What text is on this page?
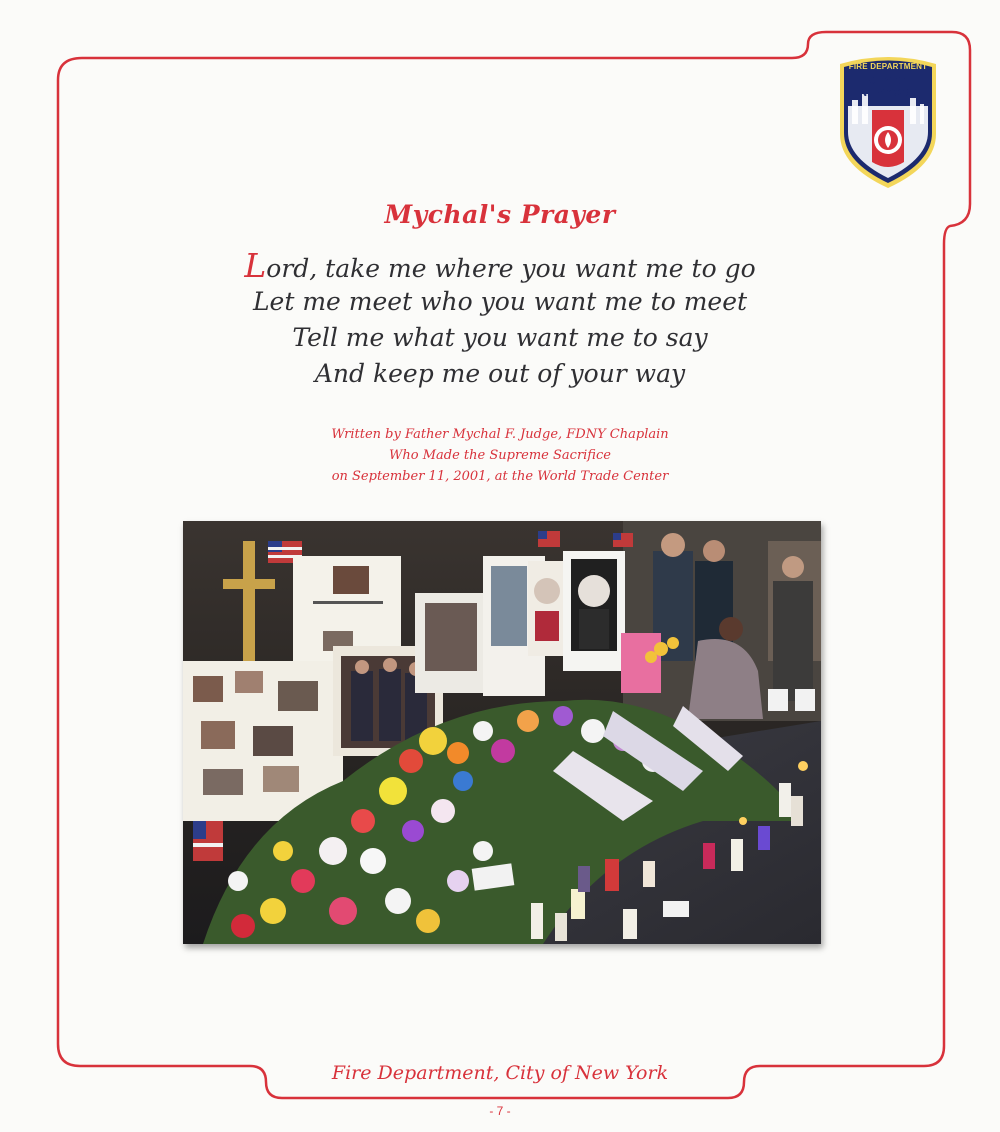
FIRE DEPARTMENT
CITY OF
NEW YORK
Mychal's Prayer
Lord, take me where you want me to go
Let me meet who you want me to meet
Tell me what you want me to say
And keep me out of your way
Written by Father Mychal F. Judge, FDNY Chaplain
Who Made the Supreme Sacrifice
on September 11, 2001, at the World Trade Center
Fire Department, City of New York
- 7 -
